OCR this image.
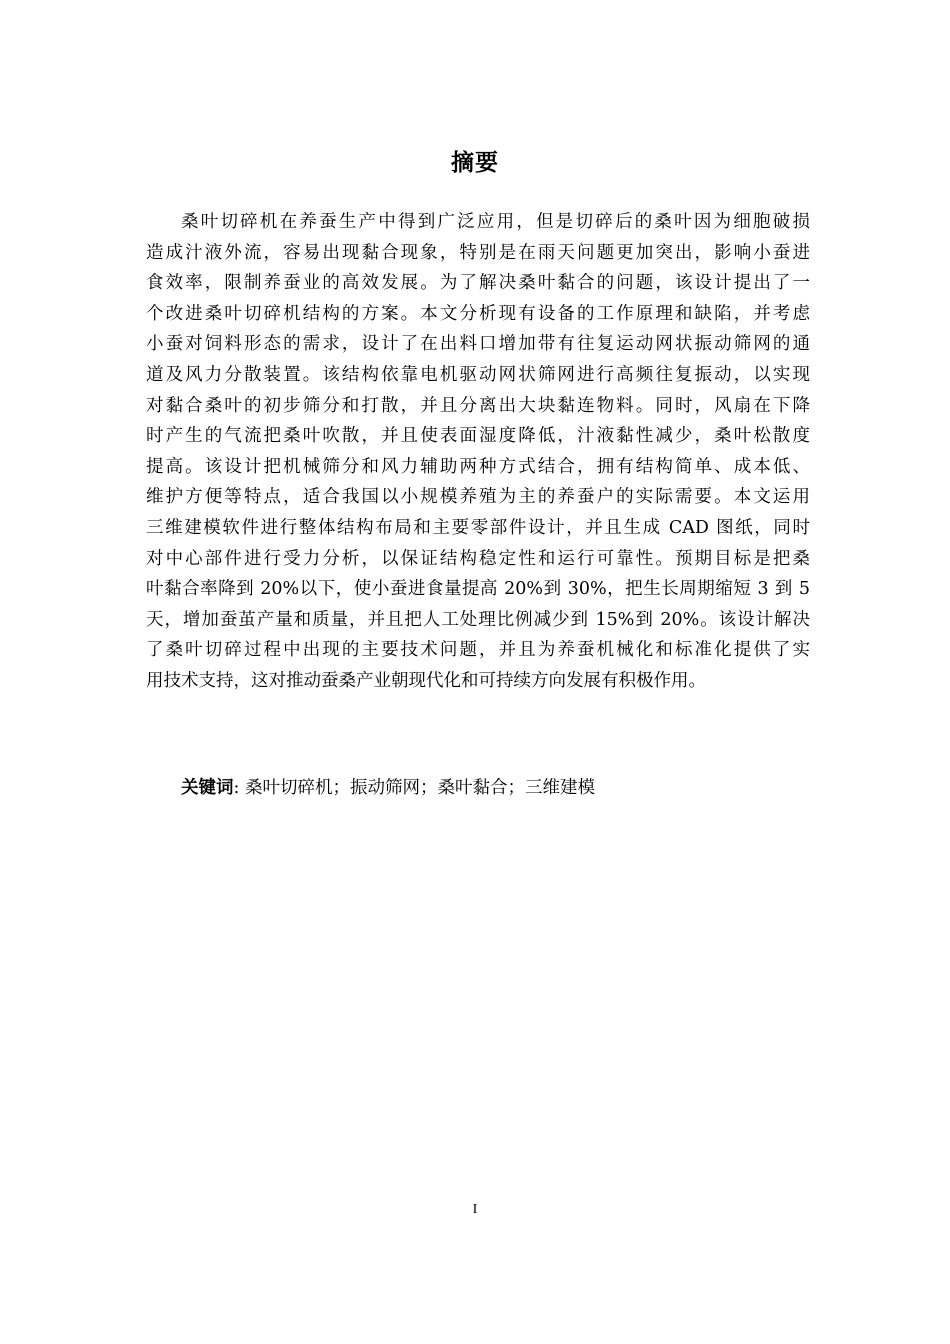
摘要
桑叶切碎机在养蚕生产中得到广泛应用，但是切碎后的桑叶因为细胞破损
造成汁液外流，容易出现黏合现象，特别是在雨天问题更加突出，影响小蚕进
食效率，限制养蚕业的高效发展。为了解决桑叶黏合的问题，该设计提出了一
个改进桑叶切碎机结构的方案。本文分析现有设备的工作原理和缺陷，并考虑
小蚕对饲料形态的需求，设计了在出料口增加带有往复运动网状振动筛网的通
道及风力分散装置。该结构依靠电机驱动网状筛网进行高频往复振动，以实现
对黏合桑叶的初步筛分和打散，并且分离出大块黏连物料。同时，风扇在下降
时产生的气流把桑叶吹散，并且使表面湿度降低，汁液黏性减少，桑叶松散度
提高。该设计把机械筛分和风力辅助两种方式结合，拥有结构简单、成本低、
维护方便等特点，适合我国以小规模养殖为主的养蚕户的实际需要。本文运用
三维建模软件进行整体结构布局和主要零部件设计，并且生成 CAD 图纸，同时
对中心部件进行受力分析，以保证结构稳定性和运行可靠性。预期目标是把桑
叶黏合率降到 20%以下，使小蚕进食量提高 20%到 30%，把生长周期缩短 3 到 5
天，增加蚕茧产量和质量，并且把人工处理比例减少到 15%到 20%。该设计解决
了桑叶切碎过程中出现的主要技术问题，并且为养蚕机械化和标准化提供了实
用技术支持，这对推动蚕桑产业朝现代化和可持续方向发展有积极作用。
关键词: 桑叶切碎机；振动筛网；桑叶黏合；三维建模
I
